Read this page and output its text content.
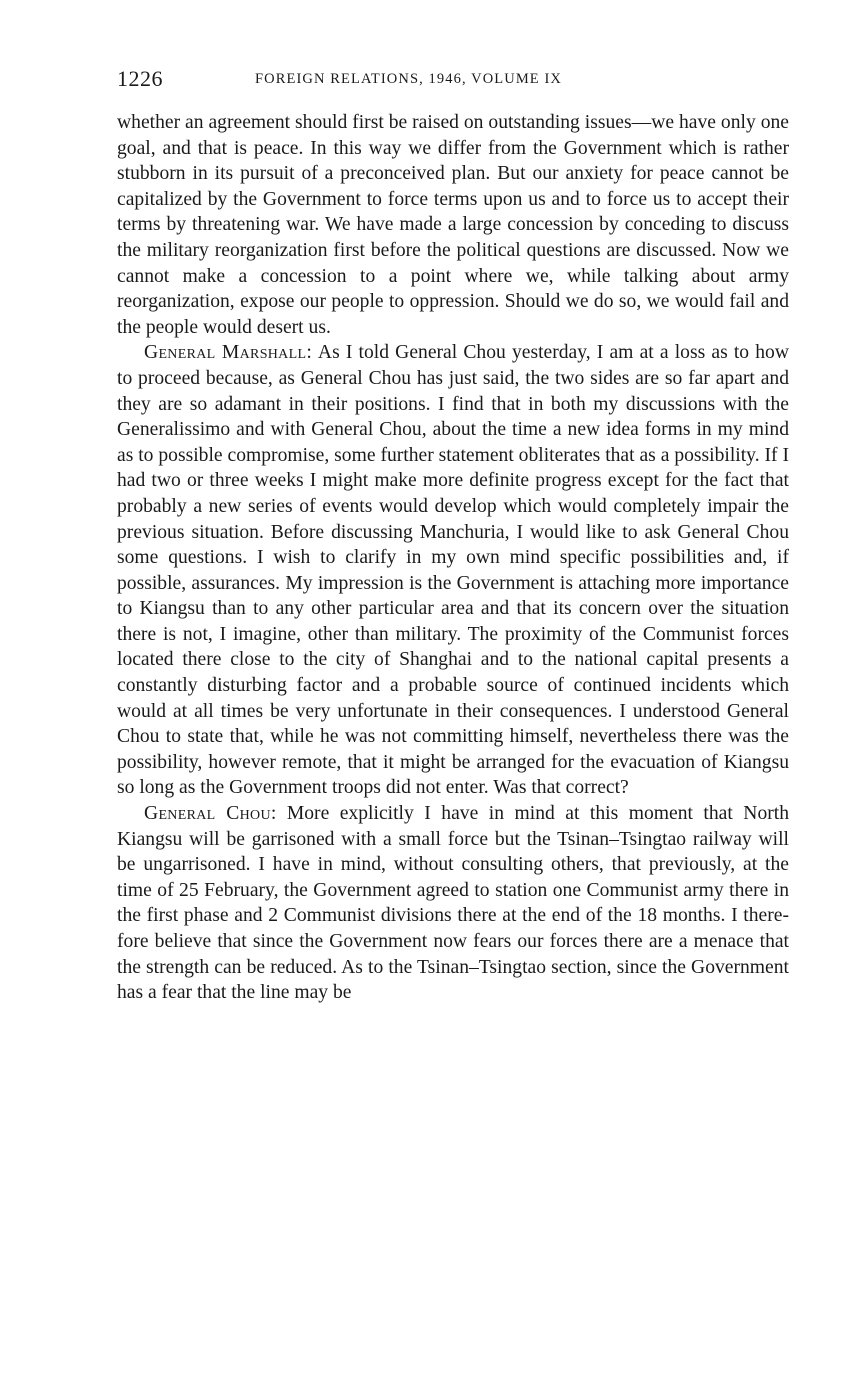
1226	FOREIGN RELATIONS, 1946, VOLUME IX

whether an agreement should first be raised on outstanding issues—we have only one goal, and that is peace. In this way we differ from the Government which is rather stubborn in its pursuit of a preconceived plan. But our anxiety for peace cannot be capitalized by the Government to force terms upon us and to force us to accept their terms by threatening war. We have made a large concession by conceding to discuss the military reorganization first before the political questions are discussed. Now we cannot make a concession to a point where we, while talking about army reorganization, expose our people to oppression. Should we do so, we would fail and the people would desert us.

General Marshall: As I told General Chou yesterday, I am at a loss as to how to proceed because, as General Chou has just said, the two sides are so far apart and they are so adamant in their positions. I find that in both my discussions with the Generalissimo and with General Chou, about the time a new idea forms in my mind as to possible compromise, some further statement obliterates that as a possibility. If I had two or three weeks I might make more definite progress except for the fact that probably a new series of events would develop which would completely impair the previous situation. Before discussing Manchuria, I would like to ask General Chou some questions. I wish to clarify in my own mind specific possibilities and, if possible, assurances. My impression is the Government is attaching more importance to Kiangsu than to any other particular area and that its concern over the situation there is not, I imagine, other than military. The proximity of the Communist forces located there close to the city of Shanghai and to the national capital presents a constantly disturbing factor and a probable source of continued incidents which would at all times be very unfortunate in their consequences. I understood General Chou to state that, while he was not committing himself, nevertheless there was the possibility, however remote, that it might be arranged for the evacuation of Kiangsu so long as the Government troops did not enter. Was that correct?

General Chou: More explicitly I have in mind at this moment that North Kiangsu will be garrisoned with a small force but the Tsinan–Tsingtao railway will be ungarrisoned. I have in mind, without consulting others, that previously, at the time of 25 February, the Government agreed to station one Communist army there in the first phase and 2 Communist divisions there at the end of the 18 months. I therefore believe that since the Government now fears our forces there are a menace that the strength can be reduced. As to the Tsinan–Tsingtao section, since the Government has a fear that the line may be
